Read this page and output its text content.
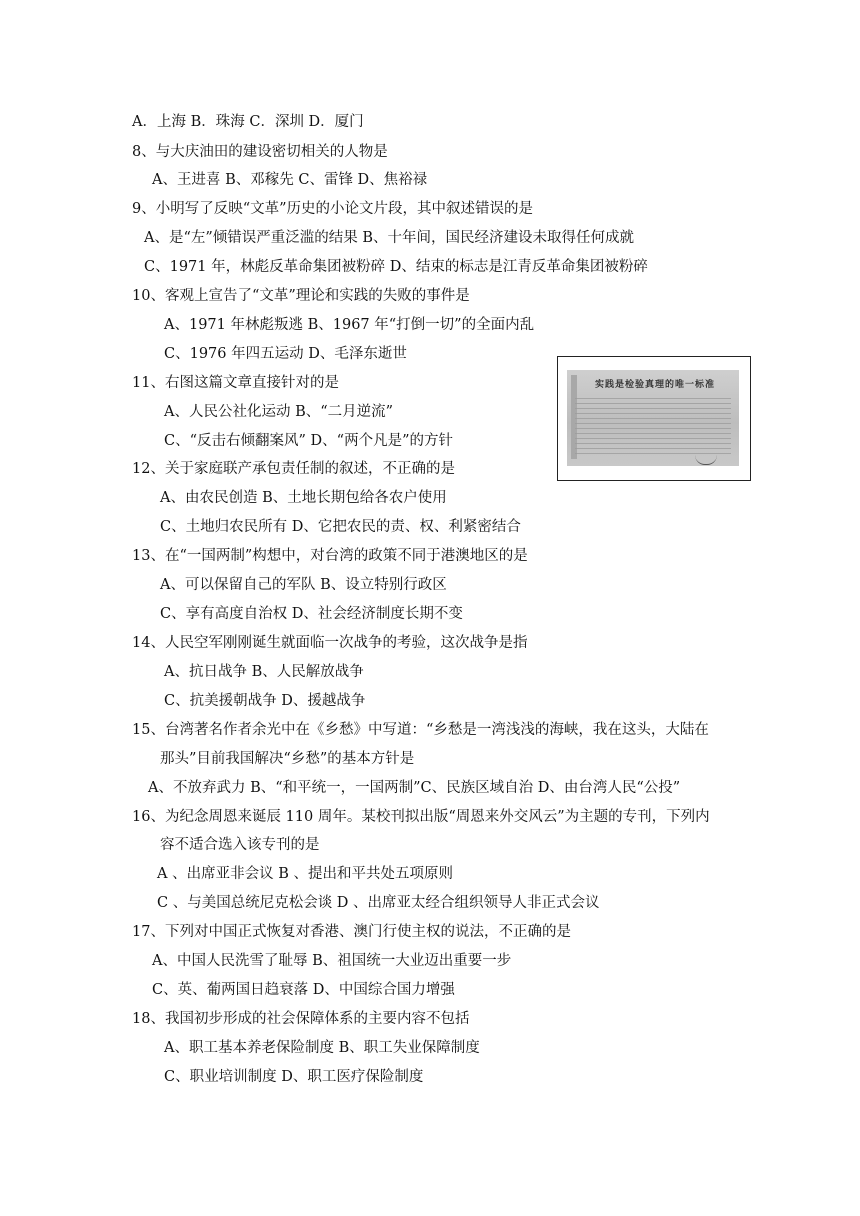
A．上海 B．珠海 C．深圳 D．厦门
8、与大庆油田的建设密切相关的人物是
A、王进喜 B、邓稼先 C、雷锋 D、焦裕禄
9、小明写了反映“文革”历史的小论文片段，其中叙述错误的是
A、是“左”倾错误严重泛滥的结果 B、十年间，国民经济建设未取得任何成就
C、1971 年，林彪反革命集团被粉碎 D、结束的标志是江青反革命集团被粉碎
10、客观上宣告了“文革”理论和实践的失败的事件是
A、1971 年林彪叛逃 B、1967 年“打倒一切”的全面内乱
C、1976 年四五运动 D、毛泽东逝世
11、右图这篇文章直接针对的是
A、人民公社化运动 B、“二月逆流”
C、“反击右倾翻案风” D、“两个凡是”的方针
12、关于家庭联产承包责任制的叙述，不正确的是
A、由农民创造 B、土地长期包给各农户使用
C、土地归农民所有 D、它把农民的责、权、利紧密结合
13、在“一国两制”构想中，对台湾的政策不同于港澳地区的是
A、可以保留自己的军队 B、设立特别行政区
C、享有高度自治权 D、社会经济制度长期不变
14、人民空军刚刚诞生就面临一次战争的考验，这次战争是指
A、抗日战争 B、人民解放战争
C、抗美援朝战争 D、援越战争
15、台湾著名作者余光中在《乡愁》中写道：“乡愁是一湾浅浅的海峡，我在这头，大陆在
那头”目前我国解决“乡愁”的基本方针是
A、不放弃武力 B、“和平统一，一国两制”C、民族区域自治 D、由台湾人民“公投”
16、为纪念周恩来诞辰 110 周年。某校刊拟出版“周恩来外交风云”为主题的专刊，下列内
容不适合选入该专刊的是
A 、出席亚非会议 B 、提出和平共处五项原则
C 、与美国总统尼克松会谈 D 、出席亚太经合组织领导人非正式会议
17、下列对中国正式恢复对香港、澳门行使主权的说法，不正确的是
A、中国人民洗雪了耻辱 B、祖国统一大业迈出重要一步
C、英、葡两国日趋衰落 D、中国综合国力增强
18、我国初步形成的社会保障体系的主要内容不包括
A、职工基本养老保险制度 B、职工失业保障制度
C、职业培训制度 D、职工医疗保险制度
实践是检验真理的唯一标准
